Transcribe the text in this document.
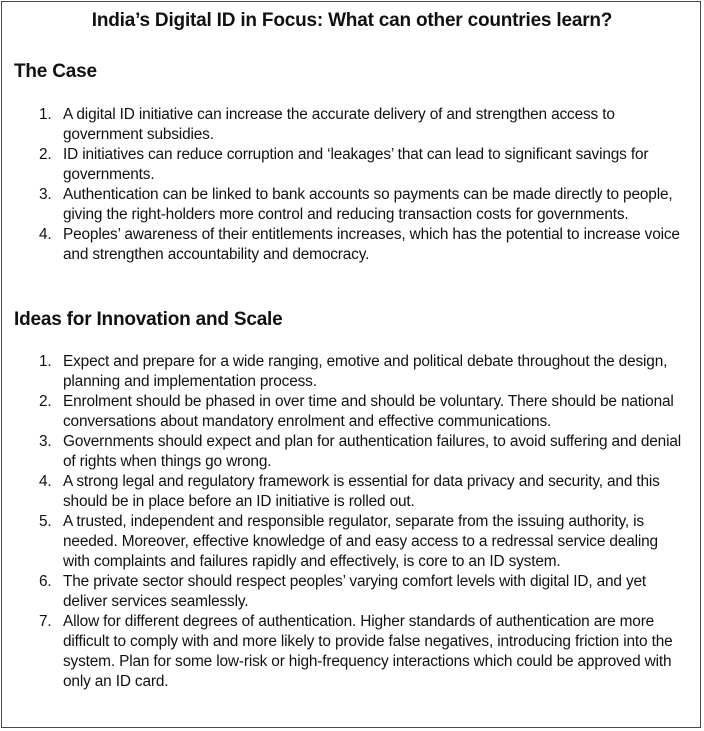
India’s Digital ID in Focus: What can other countries learn?
The Case
1. A digital ID initiative can increase the accurate delivery of and strengthen access to government subsidies.
2. ID initiatives can reduce corruption and ‘leakages’ that can lead to significant savings for governments.
3. Authentication can be linked to bank accounts so payments can be made directly to people, giving the right-holders more control and reducing transaction costs for governments.
4. Peoples’ awareness of their entitlements increases, which has the potential to increase voice and strengthen accountability and democracy.
Ideas for Innovation and Scale
1. Expect and prepare for a wide ranging, emotive and political debate throughout the design, planning and implementation process.
2. Enrolment should be phased in over time and should be voluntary. There should be national conversations about mandatory enrolment and effective communications.
3. Governments should expect and plan for authentication failures, to avoid suffering and denial of rights when things go wrong.
4. A strong legal and regulatory framework is essential for data privacy and security, and this should be in place before an ID initiative is rolled out.
5. A trusted, independent and responsible regulator, separate from the issuing authority, is needed. Moreover, effective knowledge of and easy access to a redressal service dealing with complaints and failures rapidly and effectively, is core to an ID system.
6. The private sector should respect peoples’ varying comfort levels with digital ID, and yet deliver services seamlessly.
7. Allow for different degrees of authentication. Higher standards of authentication are more difficult to comply with and more likely to provide false negatives, introducing friction into the system. Plan for some low-risk or high-frequency interactions which could be approved with only an ID card.
